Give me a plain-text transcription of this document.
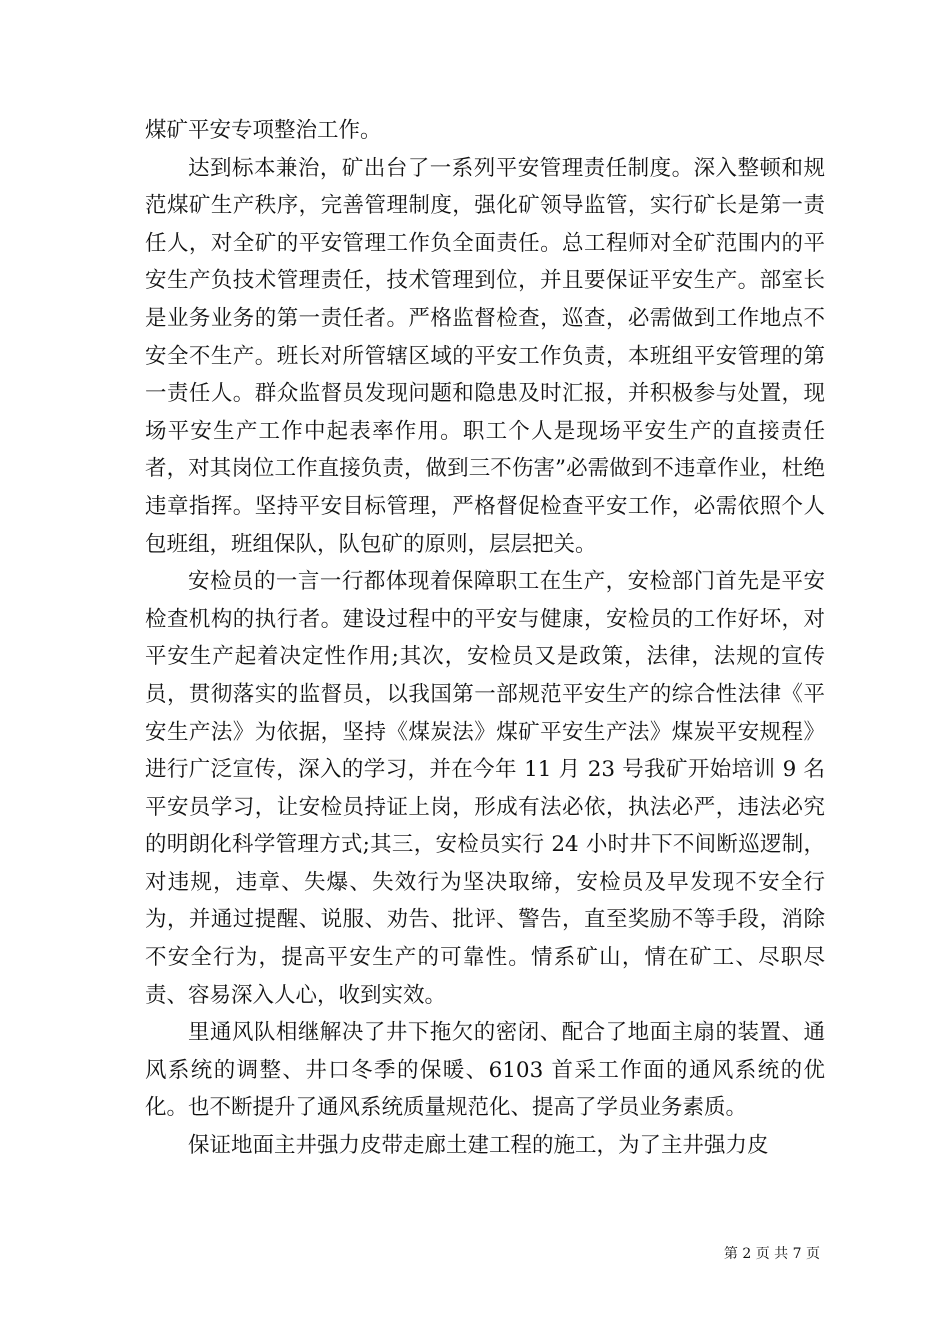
煤矿平安专项整治工作。

达到标本兼治，矿出台了一系列平安管理责任制度。深入整顿和规范煤矿生产秩序，完善管理制度，强化矿领导监管，实行矿长是第一责任人，对全矿的平安管理工作负全面责任。总工程师对全矿范围内的平安生产负技术管理责任，技术管理到位，并且要保证平安生产。部室长是业务业务的第一责任者。严格监督检查，巡查，必需做到工作地点不安全不生产。班长对所管辖区域的平安工作负责，本班组平安管理的第一责任人。群众监督员发现问题和隐患及时汇报，并积极参与处置，现场平安生产工作中起表率作用。职工个人是现场平安生产的直接责任者，对其岗位工作直接负责，做到三不伤害”必需做到不违章作业，杜绝违章指挥。坚持平安目标管理，严格督促检查平安工作，必需依照个人包班组，班组保队，队包矿的原则，层层把关。

安检员的一言一行都体现着保障职工在生产，安检部门首先是平安检查机构的执行者。建设过程中的平安与健康，安检员的工作好坏，对平安生产起着决定性作用;其次，安检员又是政策，法律，法规的宣传员，贯彻落实的监督员，以我国第一部规范平安生产的综合性法律《平安生产法》为依据，坚持《煤炭法》煤矿平安生产法》煤炭平安规程》进行广泛宣传，深入的学习，并在今年 11 月 23 号我矿开始培训 9 名平安员学习，让安检员持证上岗，形成有法必依，执法必严，违法必究的明朗化科学管理方式;其三，安检员实行 24 小时井下不间断巡逻制，对违规，违章、失爆、失效行为坚决取缔，安检员及早发现不安全行为，并通过提醒、说服、劝告、批评、警告，直至奖励不等手段，消除不安全行为，提高平安生产的可靠性。情系矿山，情在矿工、尽职尽责、容易深入人心，收到实效。

里通风队相继解决了井下拖欠的密闭、配合了地面主扇的装置、通风系统的调整、井口冬季的保暖、6103 首采工作面的通风系统的优化。也不断提升了通风系统质量规范化、提高了学员业务素质。

保证地面主井强力皮带走廊土建工程的施工，为了主井强力皮

第 2 页 共 7 页
